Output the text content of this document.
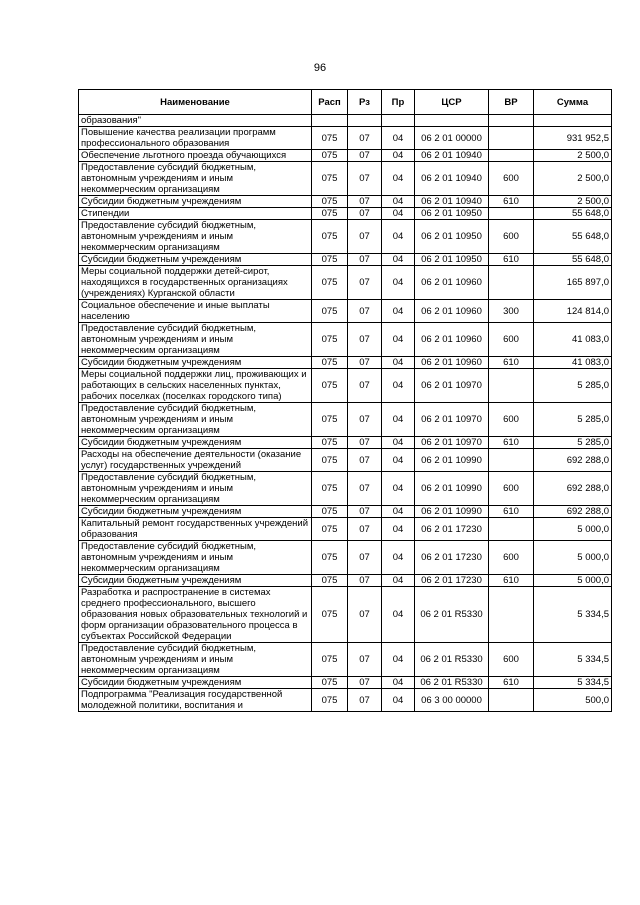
96
Наименование	Расп	Рз	Пр	ЦСР	ВР	Сумма
образования"						
Повышение качества реализации программ профессионального образования	075	07	04	06 2 01 00000		931 952,5
Обеспечение льготного проезда обучающихся	075	07	04	06 2 01 10940		2 500,0
Предоставление субсидий бюджетным, автономным учреждениям и иным некоммерческим организациям	075	07	04	06 2 01 10940	600	2 500,0
Субсидии бюджетным учреждениям	075	07	04	06 2 01 10940	610	2 500,0
Стипендии	075	07	04	06 2 01 10950		55 648,0
Предоставление субсидий бюджетным, автономным учреждениям и иным некоммерческим организациям	075	07	04	06 2 01 10950	600	55 648,0
Субсидии бюджетным учреждениям	075	07	04	06 2 01 10950	610	55 648,0
Меры социальной поддержки детей-сирот, находящихся в государственных организациях (учреждениях) Курганской области	075	07	04	06 2 01 10960		165 897,0
Социальное обеспечение и иные выплаты населению	075	07	04	06 2 01 10960	300	124 814,0
Предоставление субсидий бюджетным, автономным учреждениям и иным некоммерческим организациям	075	07	04	06 2 01 10960	600	41 083,0
Субсидии бюджетным учреждениям	075	07	04	06 2 01 10960	610	41 083,0
Меры социальной поддержки лиц, проживающих и работающих в сельских населенных пунктах, рабочих поселках (поселках городского типа)	075	07	04	06 2 01 10970		5 285,0
Предоставление субсидий бюджетным, автономным учреждениям и иным некоммерческим организациям	075	07	04	06 2 01 10970	600	5 285,0
Субсидии бюджетным учреждениям	075	07	04	06 2 01 10970	610	5 285,0
Расходы на обеспечение деятельности (оказание услуг) государственных учреждений	075	07	04	06 2 01 10990		692 288,0
Предоставление субсидий бюджетным, автономным учреждениям и иным некоммерческим организациям	075	07	04	06 2 01 10990	600	692 288,0
Субсидии бюджетным учреждениям	075	07	04	06 2 01 10990	610	692 288,0
Капитальный ремонт государственных учреждений образования	075	07	04	06 2 01 17230		5 000,0
Предоставление субсидий бюджетным, автономным учреждениям и иным некоммерческим организациям	075	07	04	06 2 01 17230	600	5 000,0
Субсидии бюджетным учреждениям	075	07	04	06 2 01 17230	610	5 000,0
Разработка и распространение в системах среднего профессионального, высшего образования новых образовательных технологий и форм организации образовательного процесса в субъектах Российской Федерации	075	07	04	06 2 01 R5330		5 334,5
Предоставление субсидий бюджетным, автономным учреждениям и иным некоммерческим организациям	075	07	04	06 2 01 R5330	600	5 334,5
Субсидии бюджетным учреждениям	075	07	04	06 2 01 R5330	610	5 334,5
Подпрограмма "Реализация государственной молодежной политики, воспитания и	075	07	04	06 3 00 00000		500,0
